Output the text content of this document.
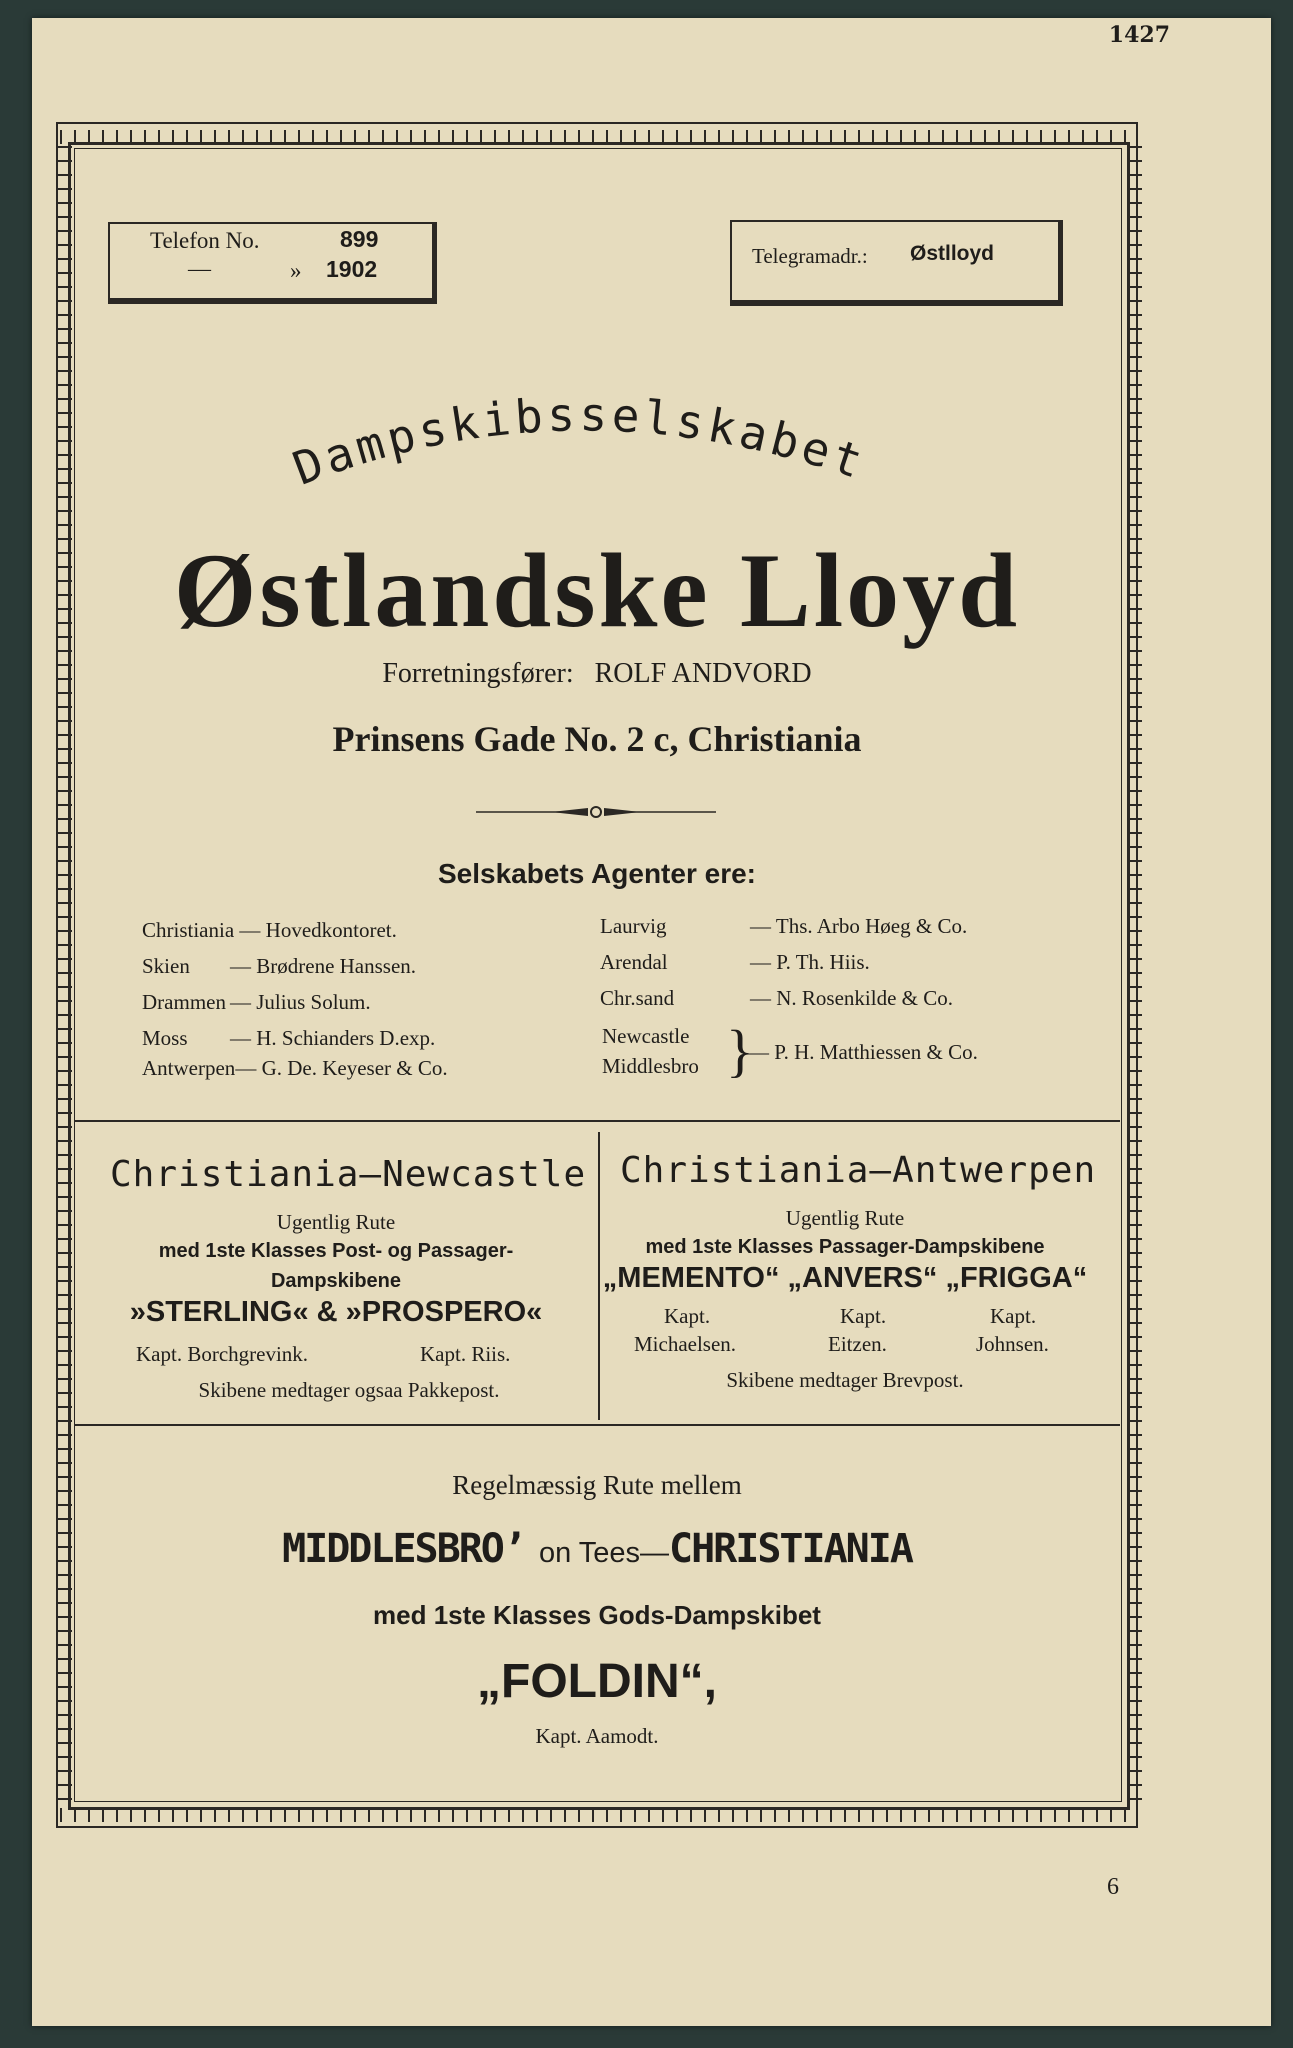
1427
Telefon No.	899
—	» 1902	Telegramadr.: Østlloyd
Dampskibsselskabet
Østlandske Lloyd
Forretningsfører: ROLF ANDVORD
Prinsens Gade No. 2 c, Christiania
Selskabets Agenter ere:
Christiania — Hovedkontoret.
Skien — Brødrene Hanssen.
Drammen — Julius Solum.
Moss — H. Schianders D.exp.
Antwerpen— G. De. Keyeser & Co.
Laurvig	— Ths. Arbo Høeg & Co.
Arendal	— P. Th. Hiis.
Chr.sand	— N. Rosenkilde & Co.
Newcastle
Middlesbro }
— P. H. Matthiessen & Co.
Christiania—Newcastle
Ugentlig Rute
med 1ste Klasses Post- og Passager-
Dampskibene
»STERLING« & »PROSPERO«
Kapt. Borchgrevink.	Kapt. Riis.
Skibene medtager ogsaa Pakkepost.
Christiania—Antwerpen
Ugentlig Rute
med 1ste Klasses Passager-Dampskibene
„MEMENTO“ „ANVERS“ „FRIGGA“
Kapt.	Kapt.	Kapt.
Michaelsen.	Eitzen.	Johnsen.
Skibene medtager Brevpost.
Regelmæssig Rute mellem
MIDDLESBRO’ on Tees—CHRISTIANIA
med 1ste Klasses Gods-Dampskibet
„FOLDIN“,
Kapt. Aamodt.
6
